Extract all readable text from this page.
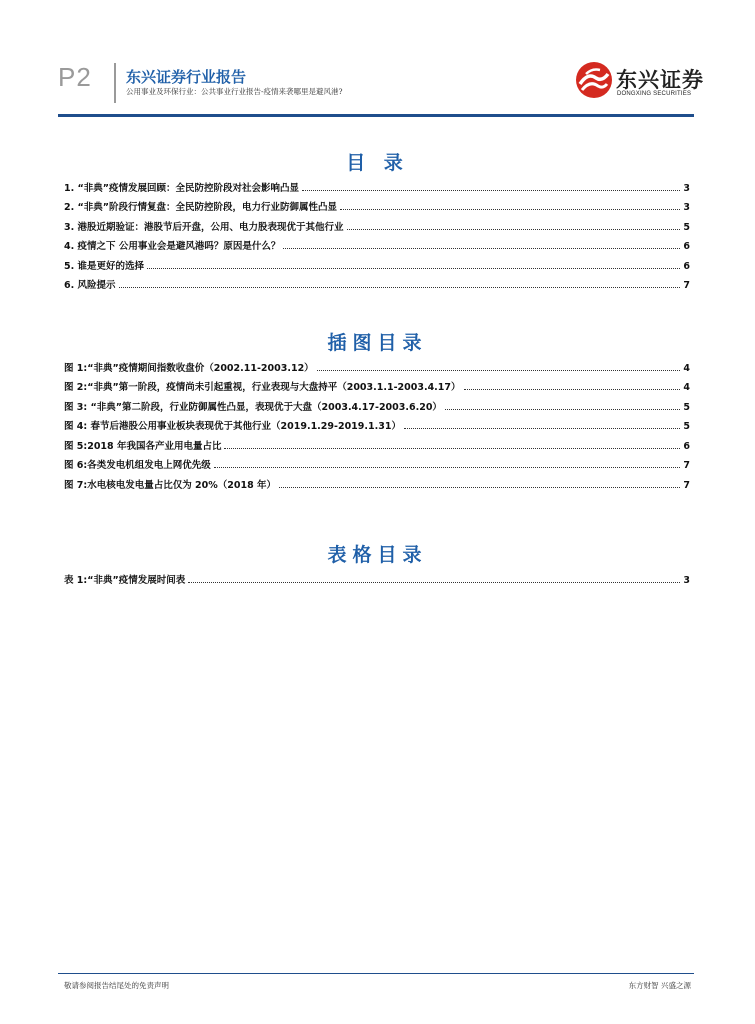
P2 东兴证券行业报告
公用事业及环保行业：公共事业行业报告-疫情来袭哪里是避风港?	东兴证券
DONGXING SECURITIES
目 录
1. “非典”疫情发展回顾：全民防控阶段对社会影响凸显	3
2. “非典”阶段行情复盘：全民防控阶段，电力行业防御属性凸显	3
3. 港股近期验证：港股节后开盘，公用、电力股表现优于其他行业	5
4. 疫情之下 公用事业会是避风港吗？原因是什么？	6
5. 谁是更好的选择	6
6. 风险提示	7
插图目录
图 1:“非典”疫情期间指数收盘价（2002.11-2003.12）	4
图 2:“非典”第一阶段，疫情尚未引起重视，行业表现与大盘持平（2003.1.1-2003.4.17）	4
图 3: “非典”第二阶段，行业防御属性凸显，表现优于大盘（2003.4.17-2003.6.20）	5
图 4: 春节后港股公用事业板块表现优于其他行业（2019.1.29-2019.1.31）	5
图 5:2018 年我国各产业用电量占比	6
图 6:各类发电机组发电上网优先级	7
图 7:水电核电发电量占比仅为 20%（2018 年）	7
表格目录
表 1:“非典”疫情发展时间表	3
敬请参阅报告结尾处的免责声明	东方财智 兴盛之源
